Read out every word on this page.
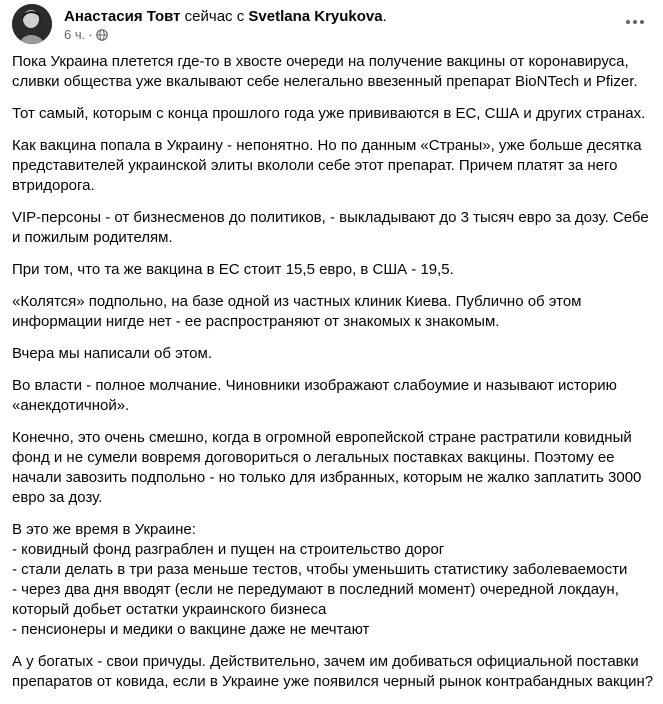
Анастасия Товт сейчас с Svetlana Kryukova.
6 ч. ·

Пока Украина плетется где-то в хвосте очереди на получение вакцины от коронавируса, сливки общества уже вкалывают себе нелегально ввезенный препарат BioNTech и Pfizer.

Тот самый, которым с конца прошлого года уже прививаются в ЕС, США и других странах.

Как вакцина попала в Украину - непонятно. Но по данным «Страны», уже больше десятка представителей украинской элиты вкололи себе этот препарат. Причем платят за него втридорога.

VIP-персоны - от бизнесменов до политиков, - выкладывают до 3 тысяч евро за дозу. Себе и пожилым родителям.

При том, что та же вакцина в ЕС стоит 15,5 евро, в США - 19,5.

«Колятся» подпольно, на базе одной из частных клиник Киева. Публично об этом информации нигде нет - ее распространяют от знакомых к знакомым.

Вчера мы написали об этом.

Во власти - полное молчание. Чиновники изображают слабоумие и называют историю «анекдотичной».

Конечно, это очень смешно, когда в огромной европейской стране растратили ковидный фонд и не сумели вовремя договориться о легальных поставках вакцины. Поэтому ее начали завозить подпольно - но только для избранных, которым не жалко заплатить 3000 евро за дозу.

В это же время в Украине:
- ковидный фонд разграблен и пущен на строительство дорог
- стали делать в три раза меньше тестов, чтобы уменьшить статистику заболеваемости
- через два дня вводят (если не передумают в последний момент) очередной локдаун, который добьет остатки украинского бизнеса
- пенсионеры и медики о вакцине даже не мечтают

А у богатых - свои причуды. Действительно, зачем им добиваться официальной поставки препаратов от ковида, если в Украине уже появился черный рынок контрабандных вакцин?
